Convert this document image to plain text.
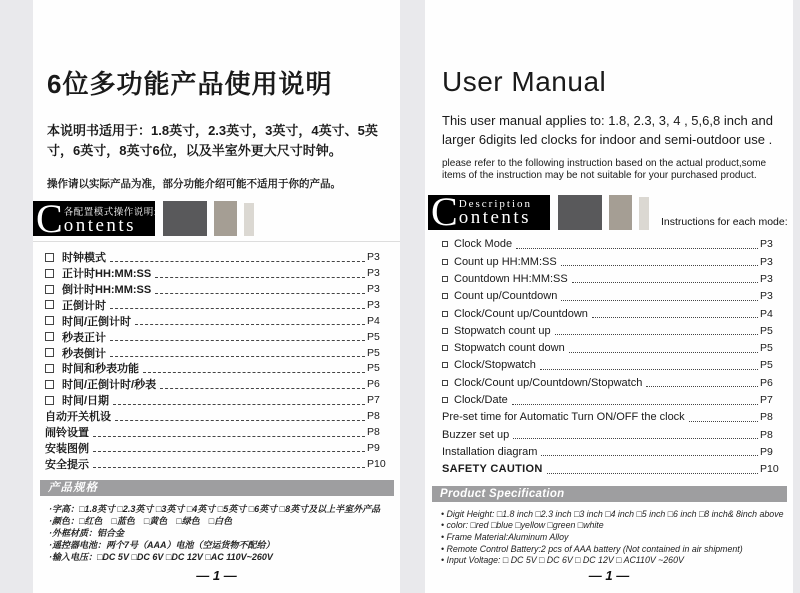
6位多功能产品使用说明

本说明书适用于：1.8英寸，2.3英寸，3英寸，4英寸、5英寸，6英寸，8英寸6位，以及半室外更大尺寸时钟。

操作请以实际产品为准，部分功能介绍可能不适用于你的产品。

C 各配置模式操作说明:
ontents
时钟模式	P3
正计时HH:MM:SS	P3
倒计时HH:MM:SS	P3
正倒计时	P3
时间/正倒计时	P4
秒表正计	P5
秒表倒计	P5
时间和秒表功能	P5
时间/正倒计时/秒表	P6
时间/日期	P7
自动开关机设	P8
闹铃设置	P8
安装图例	P9
安全提示	P10
产品规格
·字高：□1.8英寸 □2.3英寸 □3英寸 □4英寸 □5英寸 □6英寸 □8英寸及以上半室外产品
·颜色：□红色　□蓝色　□黄色　□绿色　□白色
·外框材质：铝合金
·遥控器电池：两个7号（AAA）电池（空运货物不配给）
·输入电压：□DC 5V □DC 6V □DC 12V □AC 110V~260V
— 1 —
User Manual

This user manual applies to: 1.8, 2.3, 3, 4 , 5,6,8 inch and larger 6digits led clocks for indoor and semi-outdoor use .

please refer to the following instruction based on the actual product,some items of the instruction may be not suitable for your purchased product.

C Description
ontents	Instructions for each mode:
Clock Mode	P3
Count up HH:MM:SS	P3
Countdown HH:MM:SS	P3
Count up/Countdown	P3
Clock/Count up/Countdown	P4
Stopwatch count up	P5
Stopwatch count down	P5
Clock/Stopwatch	P5
Clock/Count up/Countdown/Stopwatch	P6
Clock/Date	P7
Pre-set time for Automatic Turn ON/OFF the clock	P8
Buzzer set up	P8
Installation diagram	P9
SAFETY CAUTION	P10
Product Specification
• Digit Height: □1.8 inch □2.3 inch □3 inch □4 inch □5 inch □6 inch □8 inch& 8inch above
• color: □red □blue □yellow □green □white
• Frame Material:Aluminum Alloy
• Remote Control Battery:2 pcs of AAA battery (Not contained in air shipment)
• Input Voltage: □ DC 5V □ DC 6V □ DC 12V □ AC110V ~260V
— 1 —
